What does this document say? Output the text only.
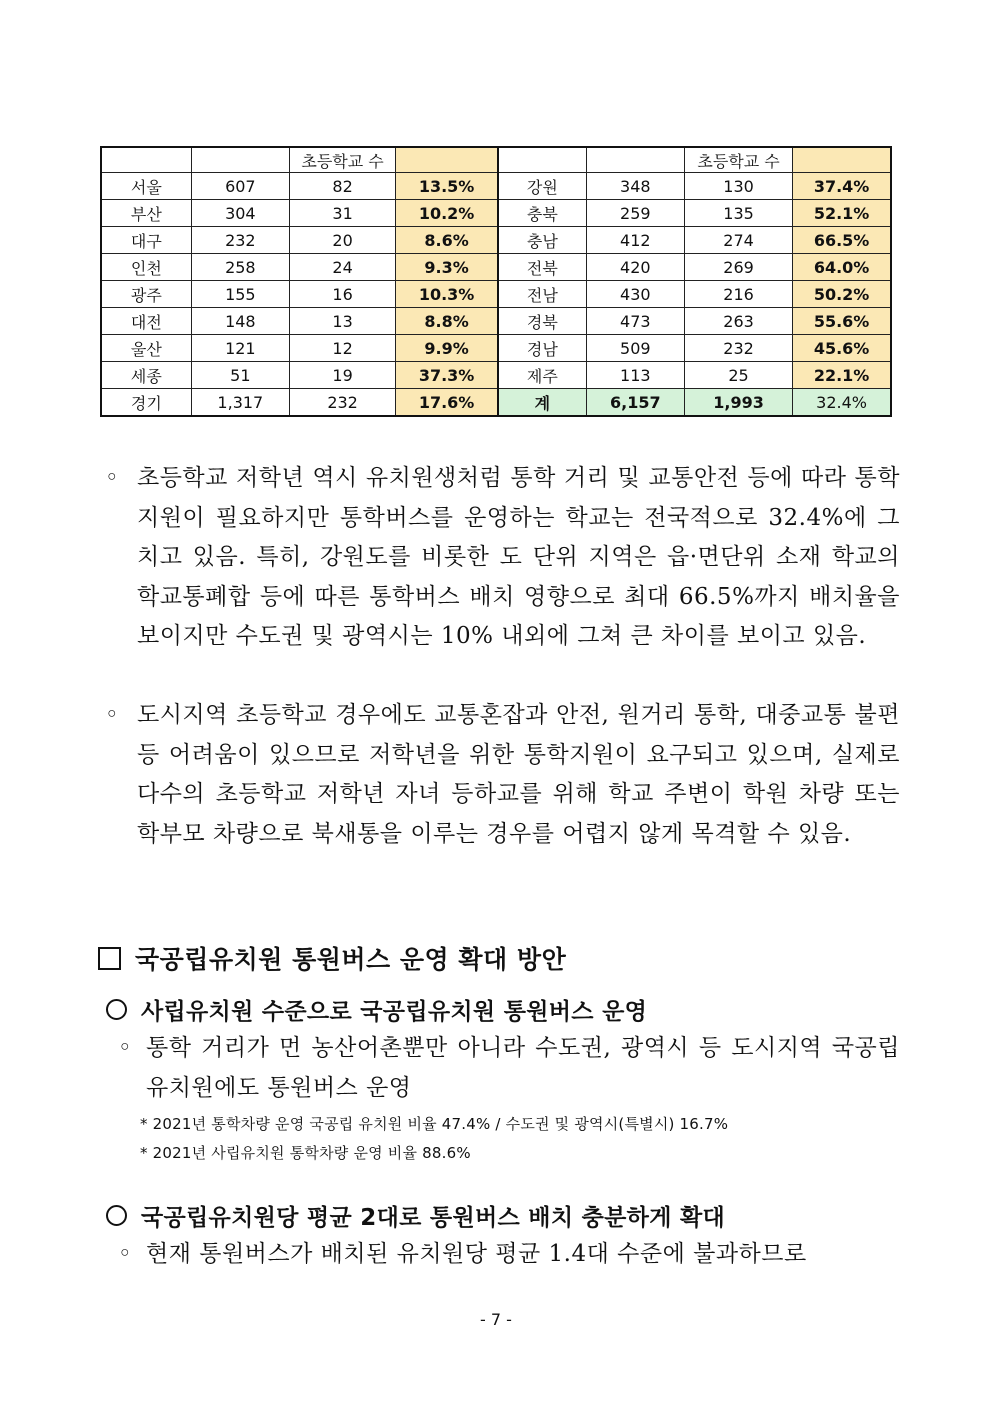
		초등학교 수				초등학교 수	
서울	607	82	13.5%	강원	348	130	37.4%
부산	304	31	10.2%	충북	259	135	52.1%
대구	232	20	8.6%	충남	412	274	66.5%
인천	258	24	9.3%	전북	420	269	64.0%
광주	155	16	10.3%	전남	430	216	50.2%
대전	148	13	8.8%	경북	473	263	55.6%
울산	121	12	9.9%	경남	509	232	45.6%
세종	51	19	37.3%	제주	113	25	22.1%
경기	1,317	232	17.6%	계	6,157	1,993	32.4%
◦ 초등학교 저학년 역시 유치원생처럼 통학 거리 및 교통안전 등에 따라 통학지원이 필요하지만 통학버스를 운영하는 학교는 전국적으로 32.4%에 그치고 있음. 특히, 강원도를 비롯한 도 단위 지역은 읍·면단위 소재 학교의 학교통폐합 등에 따른 통학버스 배치 영향으로 최대 66.5%까지 배치율을 보이지만 수도권 및 광역시는 10% 내외에 그쳐 큰 차이를 보이고 있음.
◦ 도시지역 초등학교 경우에도 교통혼잡과 안전, 원거리 통학, 대중교통 불편 등 어려움이 있으므로 저학년을 위한 통학지원이 요구되고 있으며, 실제로 다수의 초등학교 저학년 자녀 등하교를 위해 학교 주변이 학원 차량 또는 학부모 차량으로 북새통을 이루는 경우를 어렵지 않게 목격할 수 있음.
국공립유치원 통원버스 운영 확대 방안
사립유치원 수준으로 국공립유치원 통원버스 운영
◦ 통학 거리가 먼 농산어촌뿐만 아니라 수도권, 광역시 등 도시지역 국공립유치원에도 통원버스 운영
* 2021년 통학차량 운영 국공립 유치원 비율 47.4% / 수도권 및 광역시(특별시) 16.7%
* 2021년 사립유치원 통학차량 운영 비율 88.6%
국공립유치원당 평균 2대로 통원버스 배치 충분하게 확대
◦ 현재 통원버스가 배치된 유치원당 평균 1.4대 수준에 불과하므로
- 7 -
